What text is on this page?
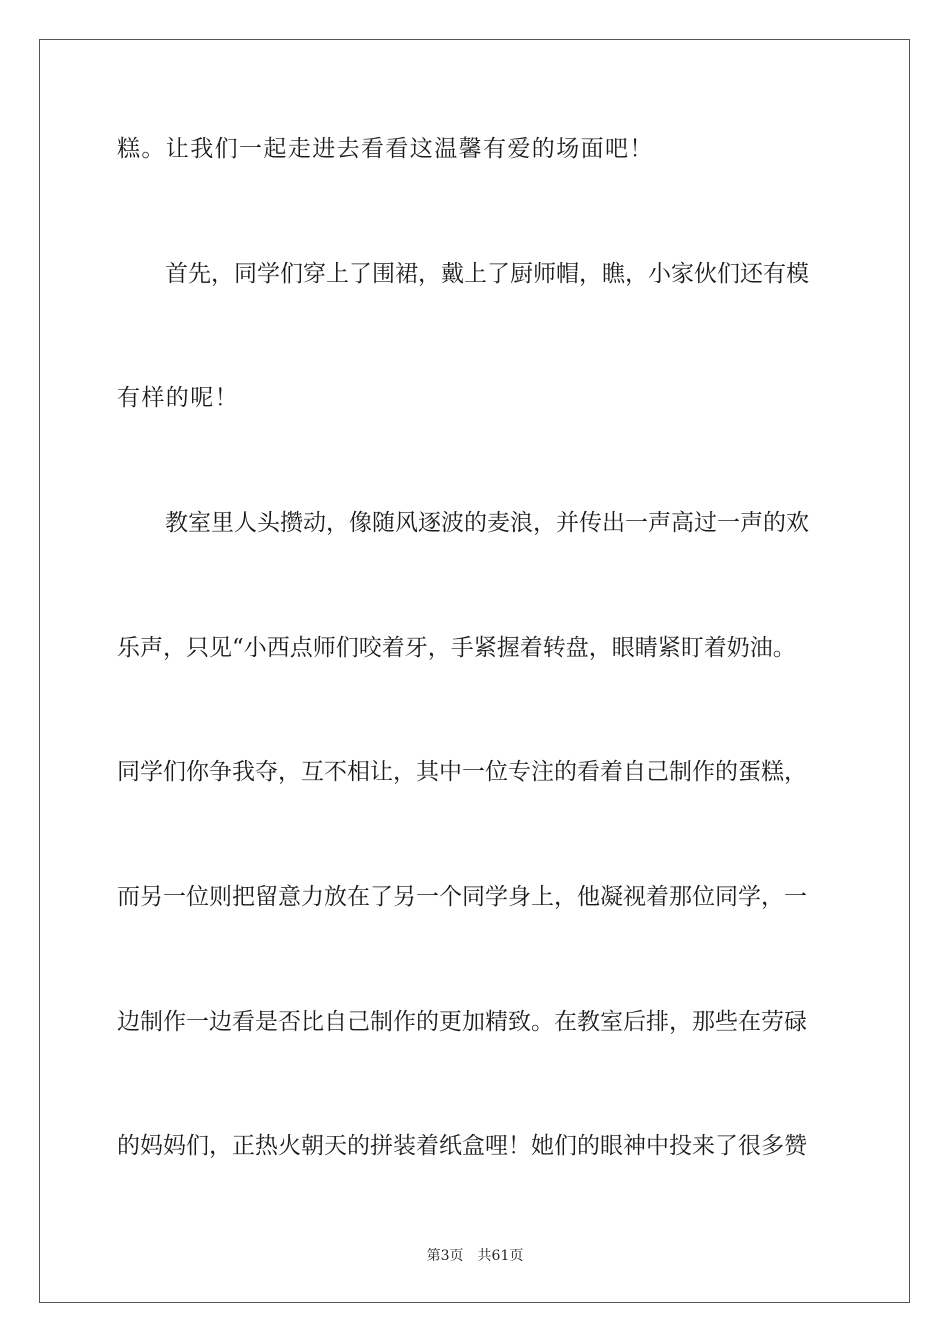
糕。让我们一起走进去看看这温馨有爱的场面吧！
首先，同学们穿上了围裙，戴上了厨师帽，瞧，小家伙们还有模
有样的呢！
教室里人头攒动，像随风逐波的麦浪，并传出一声高过一声的欢
乐声，只见“小西点师们咬着牙，手紧握着转盘，眼睛紧盯着奶油。
同学们你争我夺，互不相让，其中一位专注的看着自己制作的蛋糕，
而另一位则把留意力放在了另一个同学身上，他凝视着那位同学，一
边制作一边看是否比自己制作的更加精致。在教室后排，那些在劳碌
的妈妈们，正热火朝天的拼装着纸盒哩！她们的眼神中投来了很多赞
第3页 共61页
